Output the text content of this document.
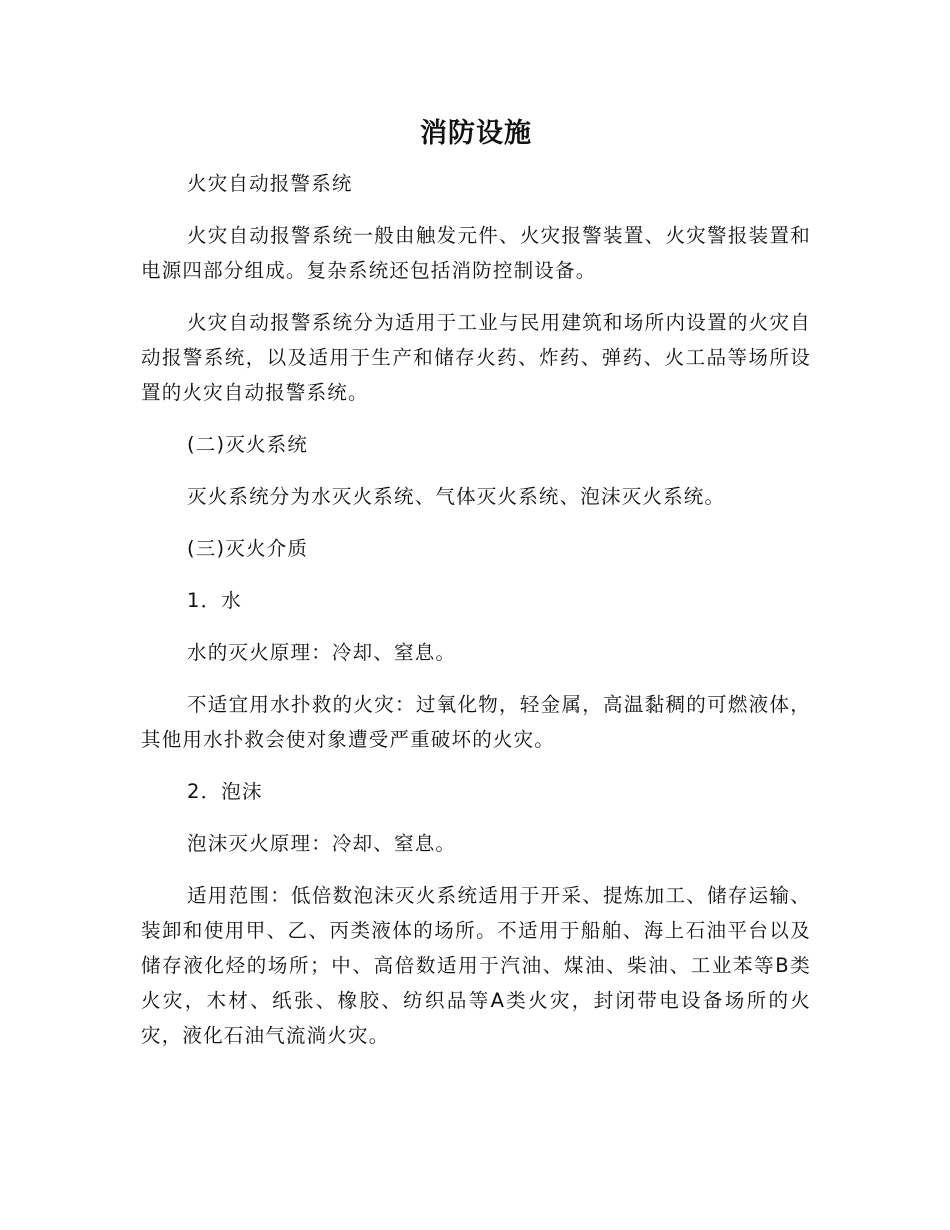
消防设施

火灾自动报警系统

火灾自动报警系统一般由触发元件、火灾报警装置、火灾警报装置和电源四部分组成。复杂系统还包括消防控制设备。

火灾自动报警系统分为适用于工业与民用建筑和场所内设置的火灾自动报警系统，以及适用于生产和储存火药、炸药、弹药、火工品等场所设置的火灾自动报警系统。

(二)灭火系统

灭火系统分为水灭火系统、气体灭火系统、泡沫灭火系统。

(三)灭火介质

1．水

水的灭火原理：冷却、窒息。

不适宜用水扑救的火灾：过氧化物，轻金属，高温黏稠的可燃液体，其他用水扑救会使对象遭受严重破坏的火灾。

2．泡沫

泡沫灭火原理：冷却、窒息。

适用范围：低倍数泡沫灭火系统适用于开采、提炼加工、储存运输、装卸和使用甲、乙、丙类液体的场所。不适用于船舶、海上石油平台以及储存液化烃的场所；中、高倍数适用于汽油、煤油、柴油、工业苯等B类火灾，木材、纸张、橡胶、纺织品等A类火灾，封闭带电设备场所的火灾，液化石油气流淌火灾。
